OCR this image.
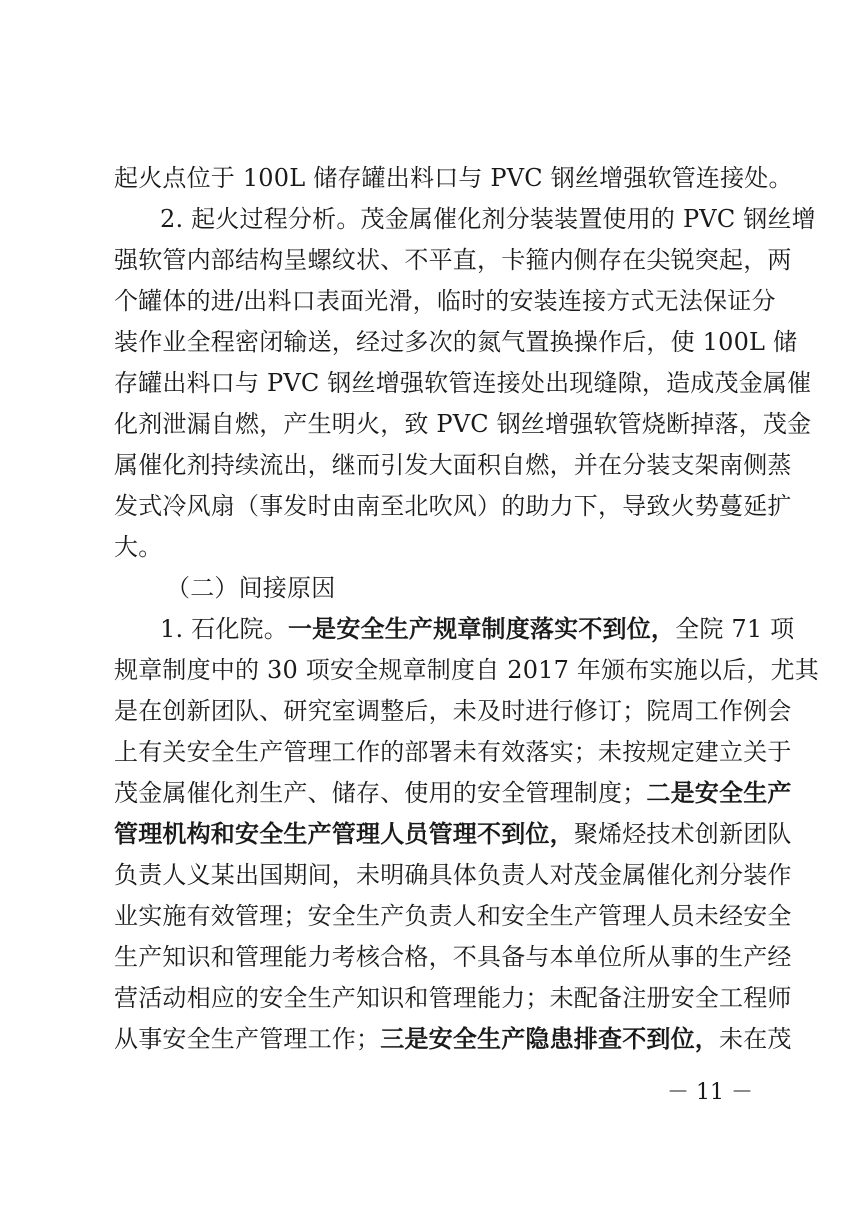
起火点位于 100L 储存罐出料口与 PVC 钢丝增强软管连接处。
2. 起火过程分析。茂金属催化剂分装装置使用的 PVC 钢丝增
强软管内部结构呈螺纹状、不平直，卡箍内侧存在尖锐突起，两
个罐体的进/出料口表面光滑，临时的安装连接方式无法保证分
装作业全程密闭输送，经过多次的氮气置换操作后，使 100L 储
存罐出料口与 PVC 钢丝增强软管连接处出现缝隙，造成茂金属催
化剂泄漏自燃，产生明火，致 PVC 钢丝增强软管烧断掉落，茂金
属催化剂持续流出，继而引发大面积自燃，并在分装支架南侧蒸
发式冷风扇（事发时由南至北吹风）的助力下，导致火势蔓延扩
大。
（二）间接原因
1. 石化院。一是安全生产规章制度落实不到位，全院 71 项
规章制度中的 30 项安全规章制度自 2017 年颁布实施以后，尤其
是在创新团队、研究室调整后，未及时进行修订；院周工作例会
上有关安全生产管理工作的部署未有效落实；未按规定建立关于
茂金属催化剂生产、储存、使用的安全管理制度；二是安全生产
管理机构和安全生产管理人员管理不到位，聚烯烃技术创新团队
负责人义某出国期间，未明确具体负责人对茂金属催化剂分装作
业实施有效管理；安全生产负责人和安全生产管理人员未经安全
生产知识和管理能力考核合格，不具备与本单位所从事的生产经
营活动相应的安全生产知识和管理能力；未配备注册安全工程师
从事安全生产管理工作；三是安全生产隐患排查不到位，未在茂
－ 11 －
